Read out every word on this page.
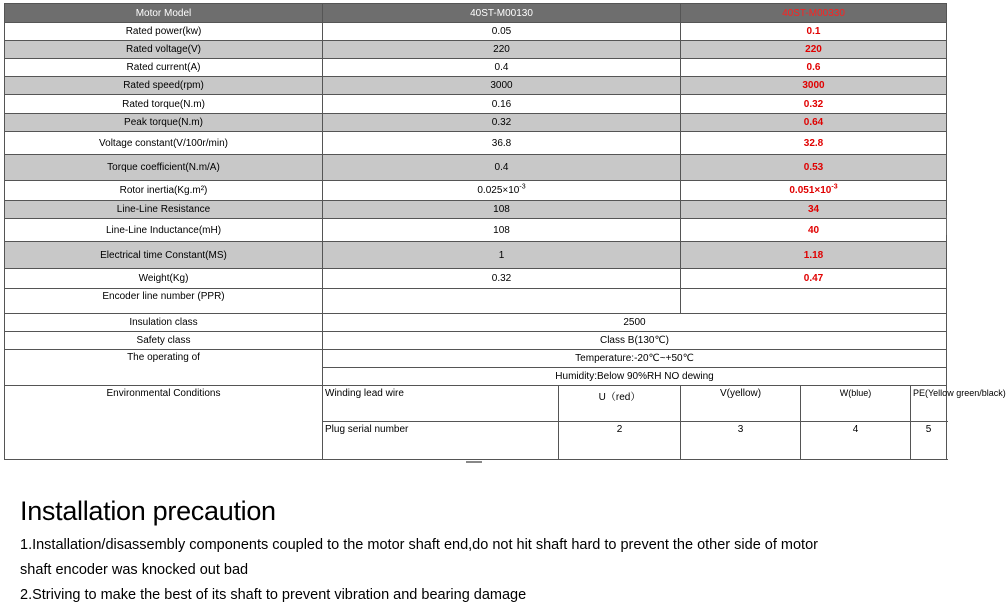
Motor Model	40ST-M00130		40ST-M00330		
Rated power(kw)	0.05		0.1		
Rated voltage(V)	220		220		
Rated current(A)	0.4		0.6		
Rated speed(rpm)	3000		3000		
Rated torque(N.m)	0.16		0.32		
Peak torque(N.m)	0.32		0.64		
Voltage constant(V/100r/min)	36.8		32.8		
Torque coefficient(N.m/A)	0.4		0.53		
Rotor inertia(Kg.m²)	$0.025\times 10^{-3}$		$0.051\times 10^{-3}$
Line-Line Resistance	108		34		
Line-Line Inductance(mH)	108		40		
Electrical time Constant(MS)	1		1.18		
Weight(Kg)	0.32		0.47		
Encoder line number (PPR)					
Insulation class	2500				
Safety class	Class B(130℃)				
The operating of	Temperature:-20℃~+50℃				
	Humidity:Below 90%RH NO dewing				
Environmental Conditions	Winding lead wire	U（red）	V(yellow)	W(blue)	PE(Yellow green/black)
	Plug serial number	2	3	4	5
Installation precaution

1.Installation/disassembly components coupled to the motor shaft end,do not hit shaft hard to prevent the other side of motor

shaft encoder was knocked out bad

2.Striving to make the best of its shaft to prevent vibration and bearing damage
